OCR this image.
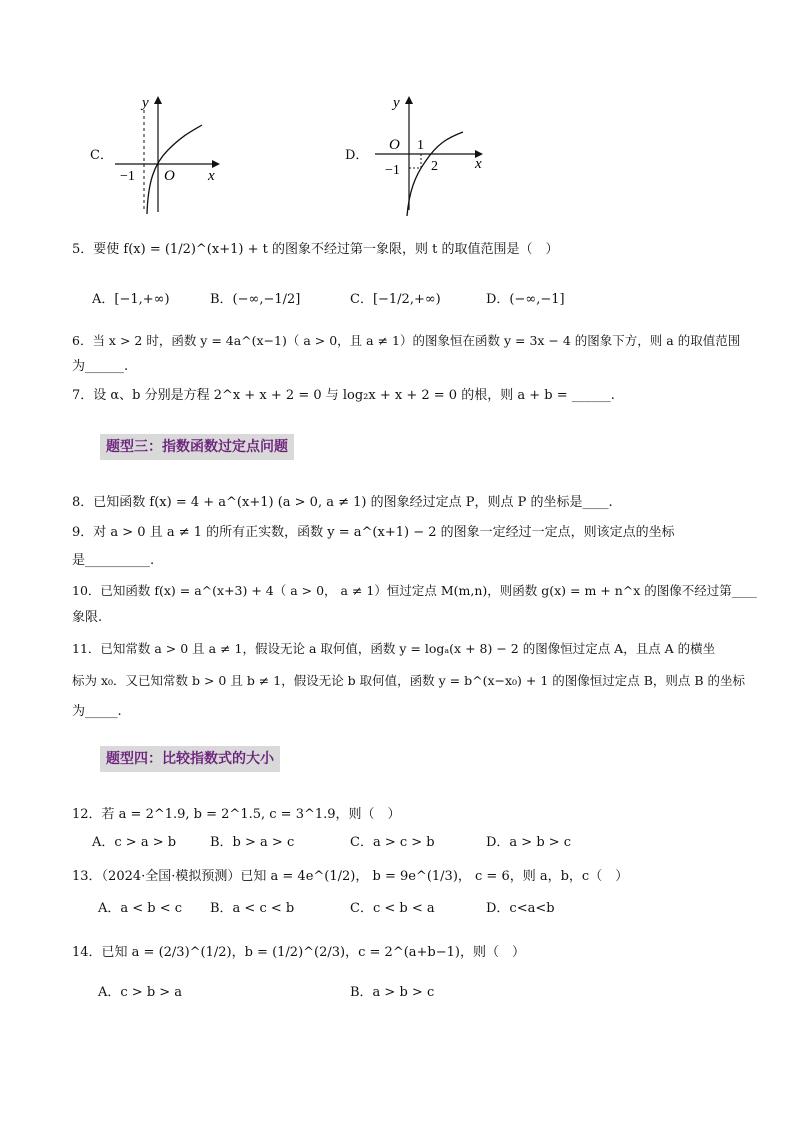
C．
y
x
O
−1
D．
y
x
O 1
2
−1
5．要使 f(x) = (1/2)^(x+1) + t 的图象不经过第一象限，则 t 的取值范围是（　）
A．[−1,+∞)	B．(−∞,−1/2]	C．[−1/2,+∞)	D．(−∞,−1]
6．当 x > 2 时，函数 y = 4a^(x−1)（ a > 0，且 a ≠ 1）的图象恒在函数 y = 3x − 4 的图象下方，则 a 的取值范围
为______.
7．设 α、b 分别是方程 2^x + x + 2 = 0 与 log₂x + x + 2 = 0 的根，则 a + b = ______.
题型三：指数函数过定点问题
8．已知函数 f(x) = 4 + a^(x+1) (a > 0, a ≠ 1) 的图象经过定点 P，则点 P 的坐标是____.
9．对 a > 0 且 a ≠ 1 的所有正实数，函数 y = a^(x+1) − 2 的图象一定经过一定点，则该定点的坐标
是__________.
10．已知函数 f(x) = a^(x+3) + 4（ a > 0， a ≠ 1）恒过定点 M(m,n)，则函数 g(x) = m + n^x 的图像不经过第____
象限.
11．已知常数 a > 0 且 a ≠ 1，假设无论 a 取何值，函数 y = logₐ(x + 8) − 2 的图像恒过定点 A，且点 A 的横坐
标为 x₀．又已知常数 b > 0 且 b ≠ 1，假设无论 b 取何值，函数 y = b^(x−x₀) + 1 的图像恒过定点 B，则点 B 的坐标
为_____.
题型四：比较指数式的大小
12．若 a = 2^1.9, b = 2^1.5, c = 3^1.9，则（　）
A．c > a > b	B．b > a > c	C．a > c > b	D．a > b > c
13．（2024·全国·模拟预测）已知 a = 4e^(1/2)， b = 9e^(1/3)， c = 6，则 a，b，c（　）
A．a < b < c B．a < c < b	C．c < b < a	D．c<a<b
14．已知 a = (2/3)^(1/2)，b = (1/2)^(2/3)，c = 2^(a+b−1)，则（　）
A．c > b > a	B．a > b > c
